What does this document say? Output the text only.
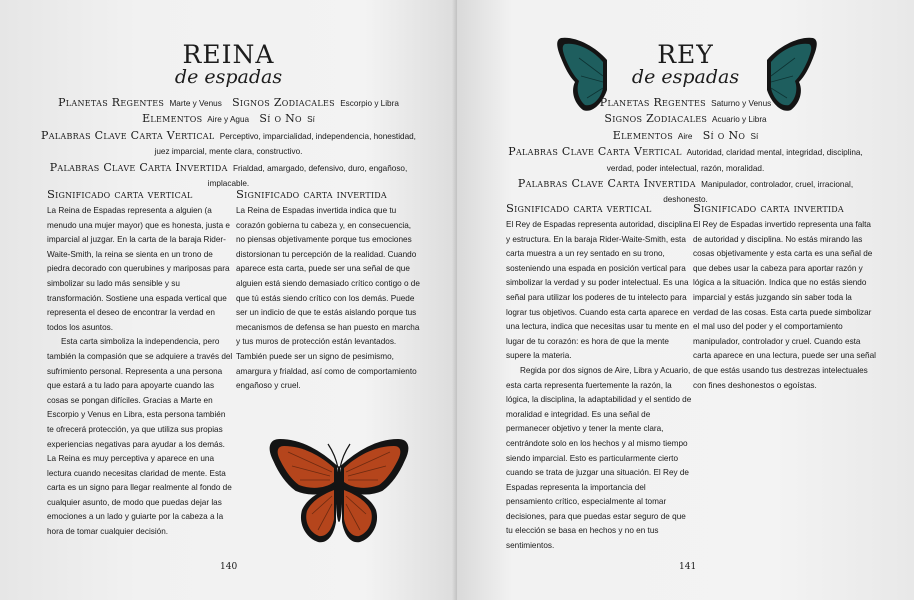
REINA
de espadas
Planetas Regentes Marte y Venus Signos Zodiacales Escorpio y Libra
Elementos Aire y Agua Sí o No Sí
Palabras Clave Carta Vertical Perceptivo, imparcialidad, independencia, honestidad, juez imparcial, mente clara, constructivo.
Palabras Clave Carta Invertida Frialdad, amargado, defensivo, duro, engañoso, implacable.
Significado carta vertical

La Reina de Espadas representa a alguien (a menudo una mujer mayor) que es honesta, justa e imparcial al juzgar. En la carta de la baraja Rider-Waite-Smith, la reina se sienta en un trono de piedra decorado con querubines y mariposas para simbolizar su lado más sensible y su transformación. Sostiene una espada vertical que representa el deseo de encontrar la verdad en todos los asuntos.

Esta carta simboliza la independencia, pero también la compasión que se adquiere a través del sufrimiento personal. Representa a una persona que estará a tu lado para apoyarte cuando las cosas se pongan difíciles. Gracias a Marte en Escorpio y Venus en Libra, esta persona también te ofrecerá protección, ya que utiliza sus propias experiencias negativas para ayudar a los demás. La Reina es muy perceptiva y aparece en una lectura cuando necesitas claridad de mente. Esta carta es un signo para llegar realmente al fondo de cualquier asunto, de modo que puedas dejar las emociones a un lado y guiarte por la cabeza a la hora de tomar cualquier decisión.

Significado carta invertida

La Reina de Espadas invertida indica que tu corazón gobierna tu cabeza y, en consecuencia, no piensas objetivamente porque tus emociones distorsionan tu percepción de la realidad. Cuando aparece esta carta, puede ser una señal de que alguien está siendo demasiado crítico contigo o de que tú estás siendo crítico con los demás. Puede ser un indicio de que te estás aislando porque tus mecanismos de defensa se han puesto en marcha y tus muros de protección están levantados. También puede ser un signo de pesimismo, amargura y frialdad, así como de comportamiento engañoso y cruel.

140
REY
de espadas
Planetas Regentes Saturno y Venus
Signos Zodiacales Acuario y Libra
Elementos Aire Sí o No Sí
Palabras Clave Carta Vertical Autoridad, claridad mental, integridad, disciplina, verdad, poder intelectual, razón, moralidad.
Palabras Clave Carta Invertida Manipulador, controlador, cruel, irracional, deshonesto.
Significado carta vertical

El Rey de Espadas representa autoridad, disciplina y estructura. En la baraja Rider-Waite-Smith, esta carta muestra a un rey sentado en su trono, sosteniendo una espada en posición vertical para simbolizar la verdad y su poder intelectual. Es una señal para utilizar los poderes de tu intelecto para lograr tus objetivos. Cuando esta carta aparece en una lectura, indica que necesitas usar tu mente en lugar de tu corazón: es hora de que la mente supere la materia.

Regida por dos signos de Aire, Libra y Acuario, esta carta representa fuertemente la razón, la lógica, la disciplina, la adaptabilidad y el sentido de moralidad e integridad. Es una señal de permanecer objetivo y tener la mente clara, centrándote solo en los hechos y al mismo tiempo siendo imparcial. Esto es particularmente cierto cuando se trata de juzgar una situación. El Rey de Espadas representa la importancia del pensamiento crítico, especialmente al tomar decisiones, para que puedas estar seguro de que tu elección se basa en hechos y no en tus sentimientos.

Significado carta invertida

El Rey de Espadas invertido representa una falta de autoridad y disciplina. No estás mirando las cosas objetivamente y esta carta es una señal de que debes usar la cabeza para aportar razón y lógica a la situación. Indica que no estás siendo imparcial y estás juzgando sin saber toda la verdad de las cosas. Esta carta puede simbolizar el mal uso del poder y el comportamiento manipulador, controlador y cruel. Cuando esta carta aparece en una lectura, puede ser una señal de que estás usando tus destrezas intelectuales con fines deshonestos o egoístas.

141
